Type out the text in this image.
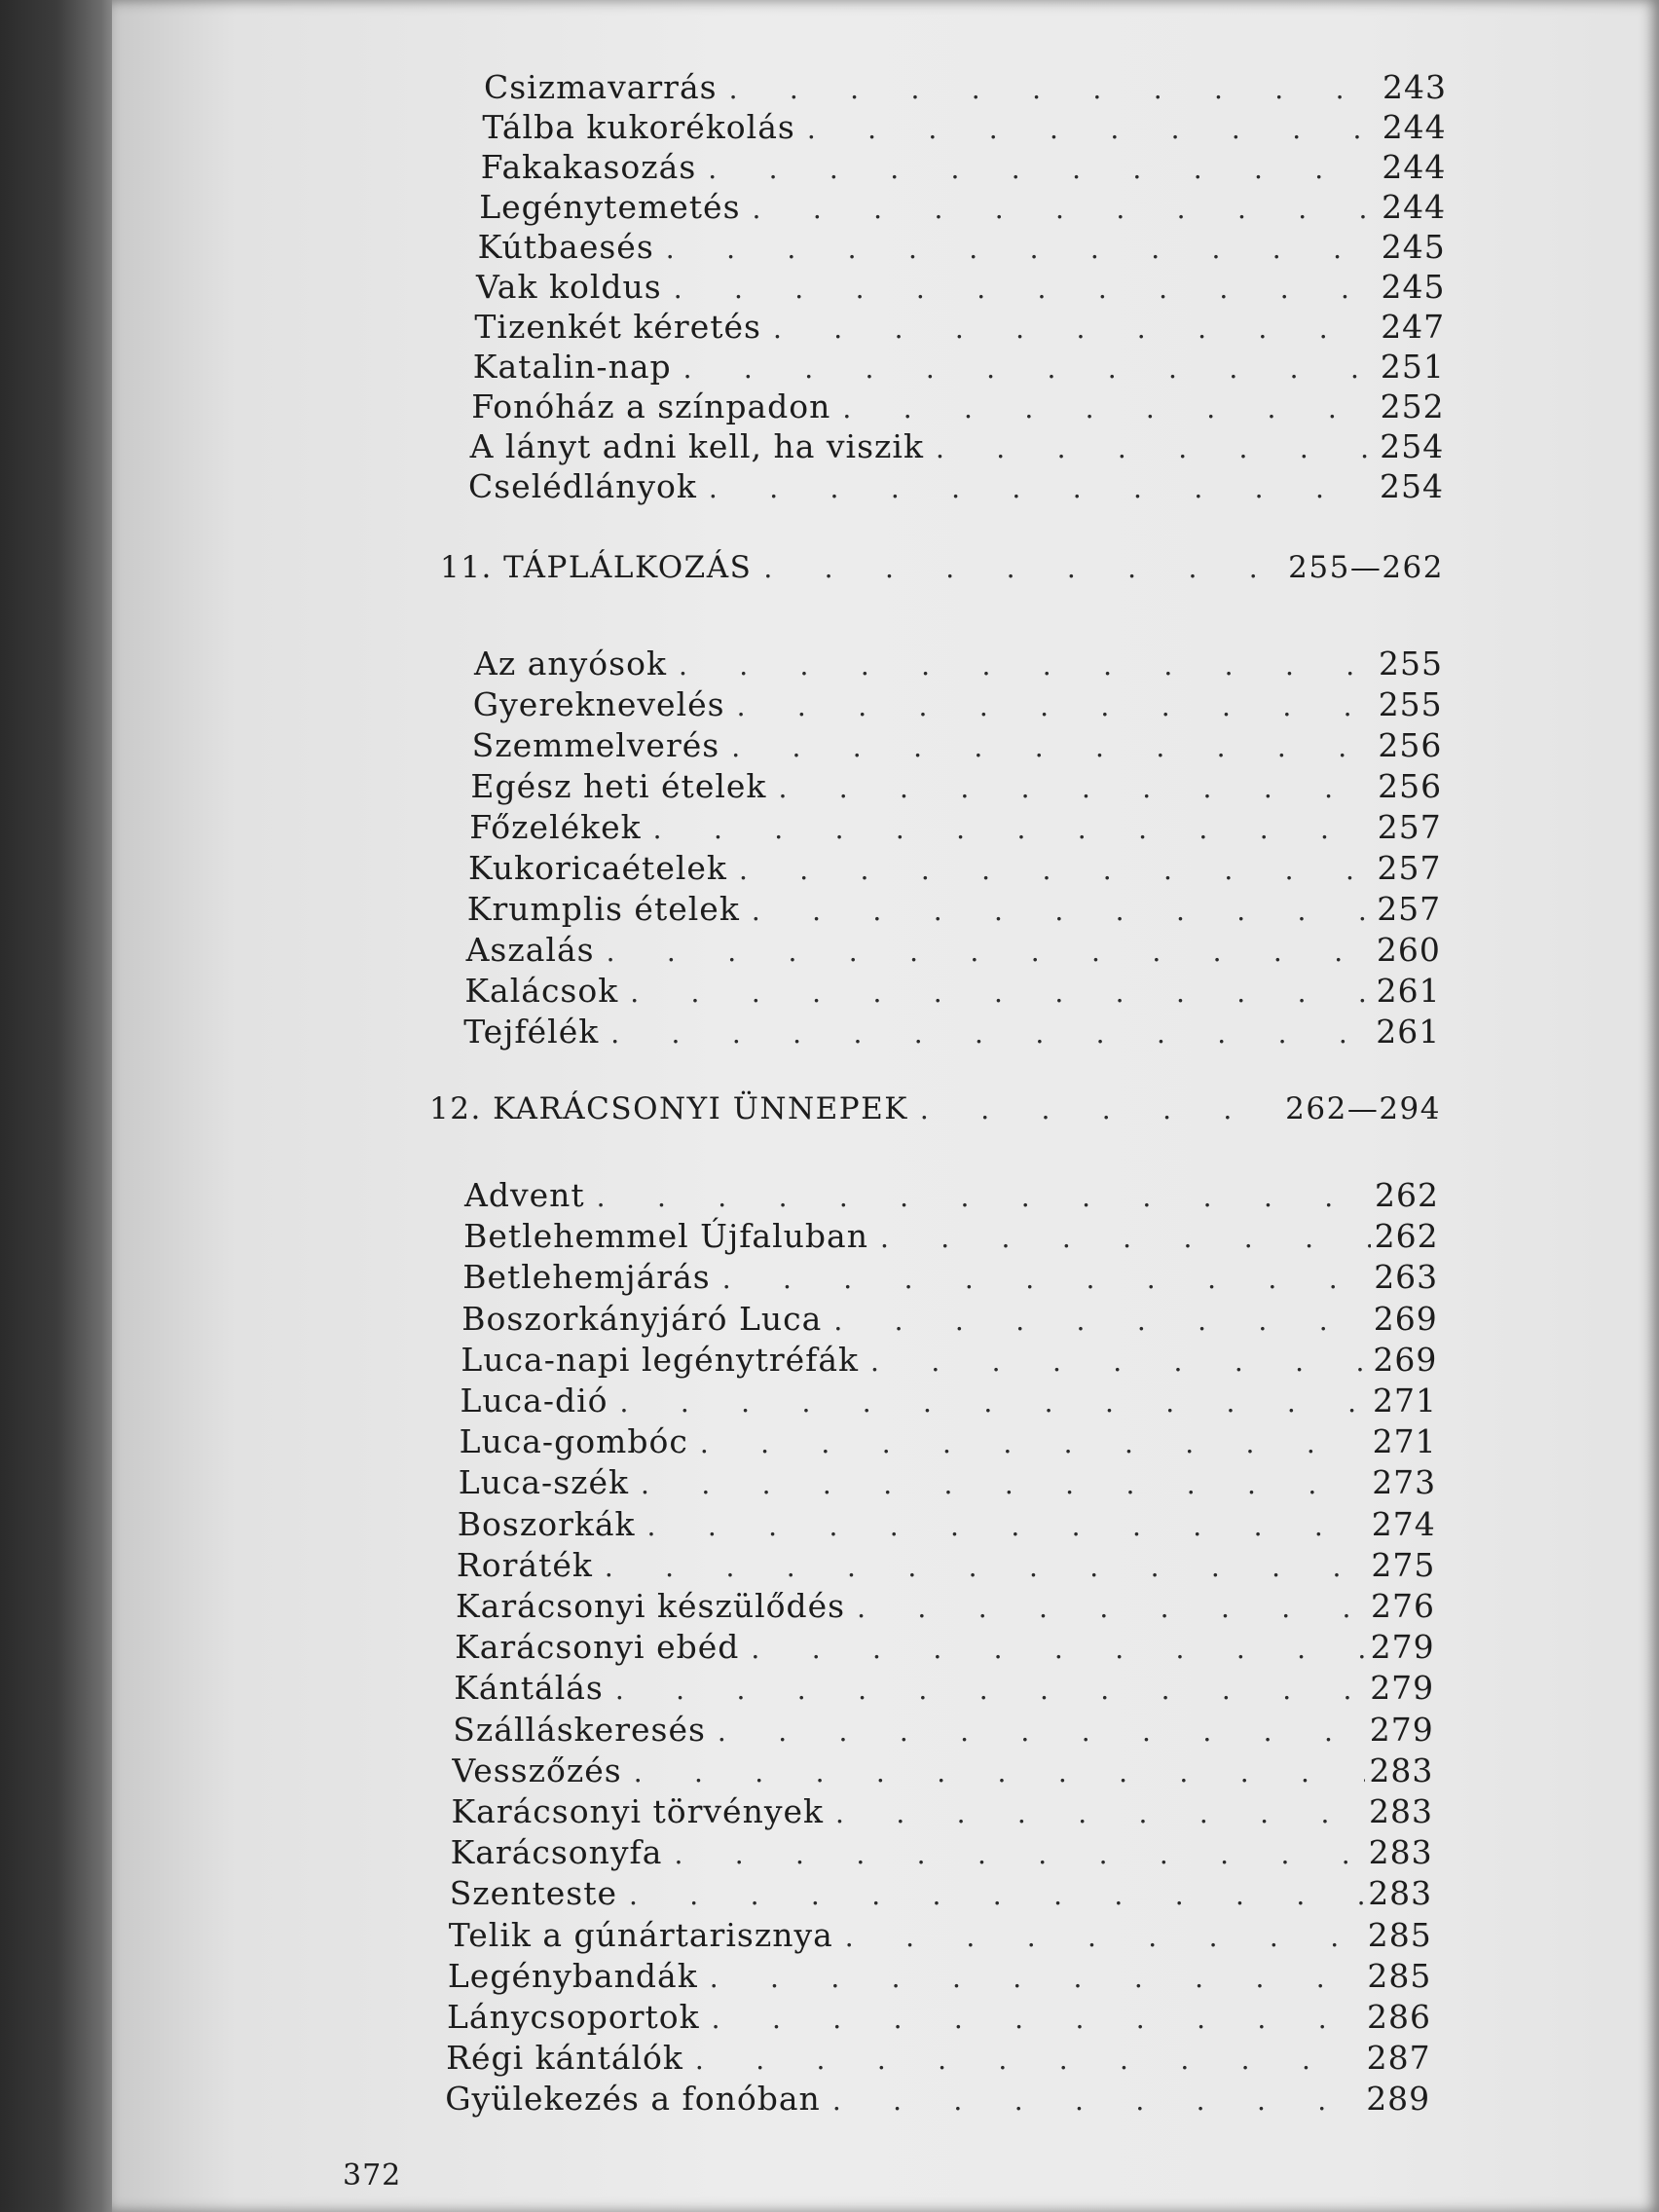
Csizmavarrás .	243
Tálba kukorékolás .	244
Fakakasozás .	244
Legénytemetés .	244
Kútbaesés .	245
Vak koldus .	245
Tizenkét kéretés .	247
Katalin-nap .	251
Fonóház a színpadon .	252
A lányt adni kell, ha viszik .	254
Cselédlányok .	254
11. TÁPLÁLKOZÁS .	255—262
Az anyósok .	255
Gyereknevelés .	255
Szemmelverés .	256
Egész heti ételek .	256
Főzelékek .	257
Kukoricaételek .	257
Krumplis ételek .	257
Aszalás .	260
Kalácsok .	261
Tejfélék .	261
12. KARÁCSONYI ÜNNEPEK .	262—294
Advent .	262
Betlehemmel Újfaluban .	262
Betlehemjárás .	263
Boszorkányjáró Luca .	269
Luca-napi legénytréfák .	269
Luca-dió .	271
Luca-gombóc .	271
Luca-szék .	273
Boszorkák .	274
Roráték .	275
Karácsonyi készülődés .	276
Karácsonyi ebéd .	279
Kántálás .	279
Szálláskeresés .	279
Vesszőzés .	283
Karácsonyi törvények .	283
Karácsonyfa .	283
Szenteste .	283
Telik a gúnártarisznya .	285
Legénybandák .	285
Lánycsoportok .	286
Régi kántálók .	287
Gyülekezés a fonóban .	289
372
